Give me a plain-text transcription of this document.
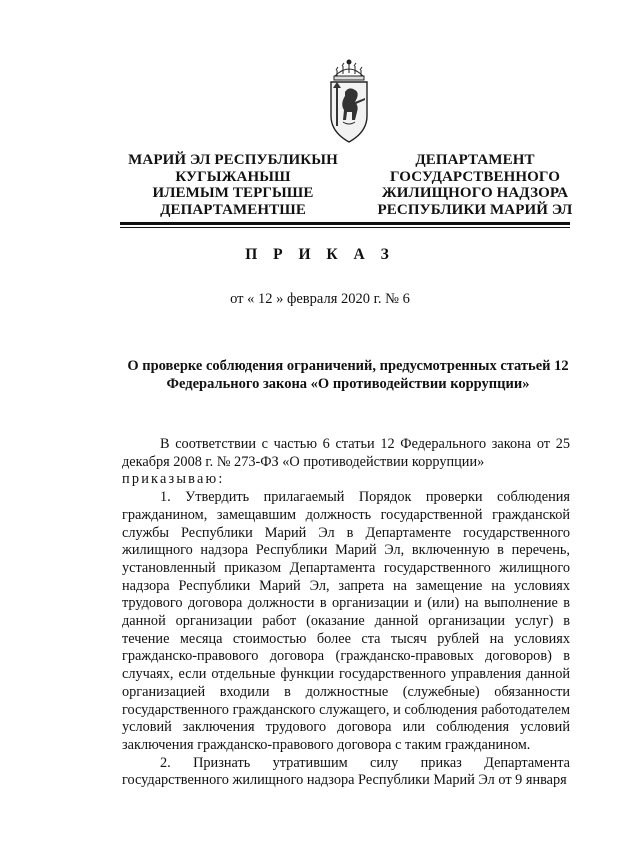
МАРИЙ ЭЛ РЕСПУБЛИКЫН
КУГЫЖАНЫШ
ИЛЕМЫМ ТЕРГЫШЕ
ДЕПАРТАМЕНТШЕ
ДЕПАРТАМЕНТ
ГОСУДАРСТВЕННОГО
ЖИЛИЩНОГО НАДЗОРА
РЕСПУБЛИКИ МАРИЙ ЭЛ
П Р И К А З
от « 12 » февраля 2020 г. № 6
О проверке соблюдения ограничений, предусмотренных статьей 12
Федерального закона «О противодействии коррупции»

В соответствии с частью 6 статьи 12 Федерального закона от 25 декабря 2008 г. № 273-ФЗ «О противодействии коррупции»

приказываю:

1. Утвердить прилагаемый Порядок проверки соблюдения гражданином, замещавшим должность государственной гражданской службы Республики Марий Эл в Департаменте государственного жилищного надзора Республики Марий Эл, включенную в перечень, установленный приказом Департамента государственного жилищного надзора Республики Марий Эл, запрета на замещение на условиях трудового договора должности в организации и (или) на выполнение в данной организации работ (оказание данной организации услуг) в течение месяца стоимостью более ста тысяч рублей на условиях гражданско-правового договора (гражданско-правовых договоров) в случаях, если отдельные функции государственного управления данной организацией входили в должностные (служебные) обязанности государственного гражданского служащего, и соблюдения работодателем условий заключения трудового договора или соблюдения условий заключения гражданско-правового договора с таким гражданином.

2. Признать утратившим силу приказ Департамента государственного жилищного надзора Республики Марий Эл от 9 января
